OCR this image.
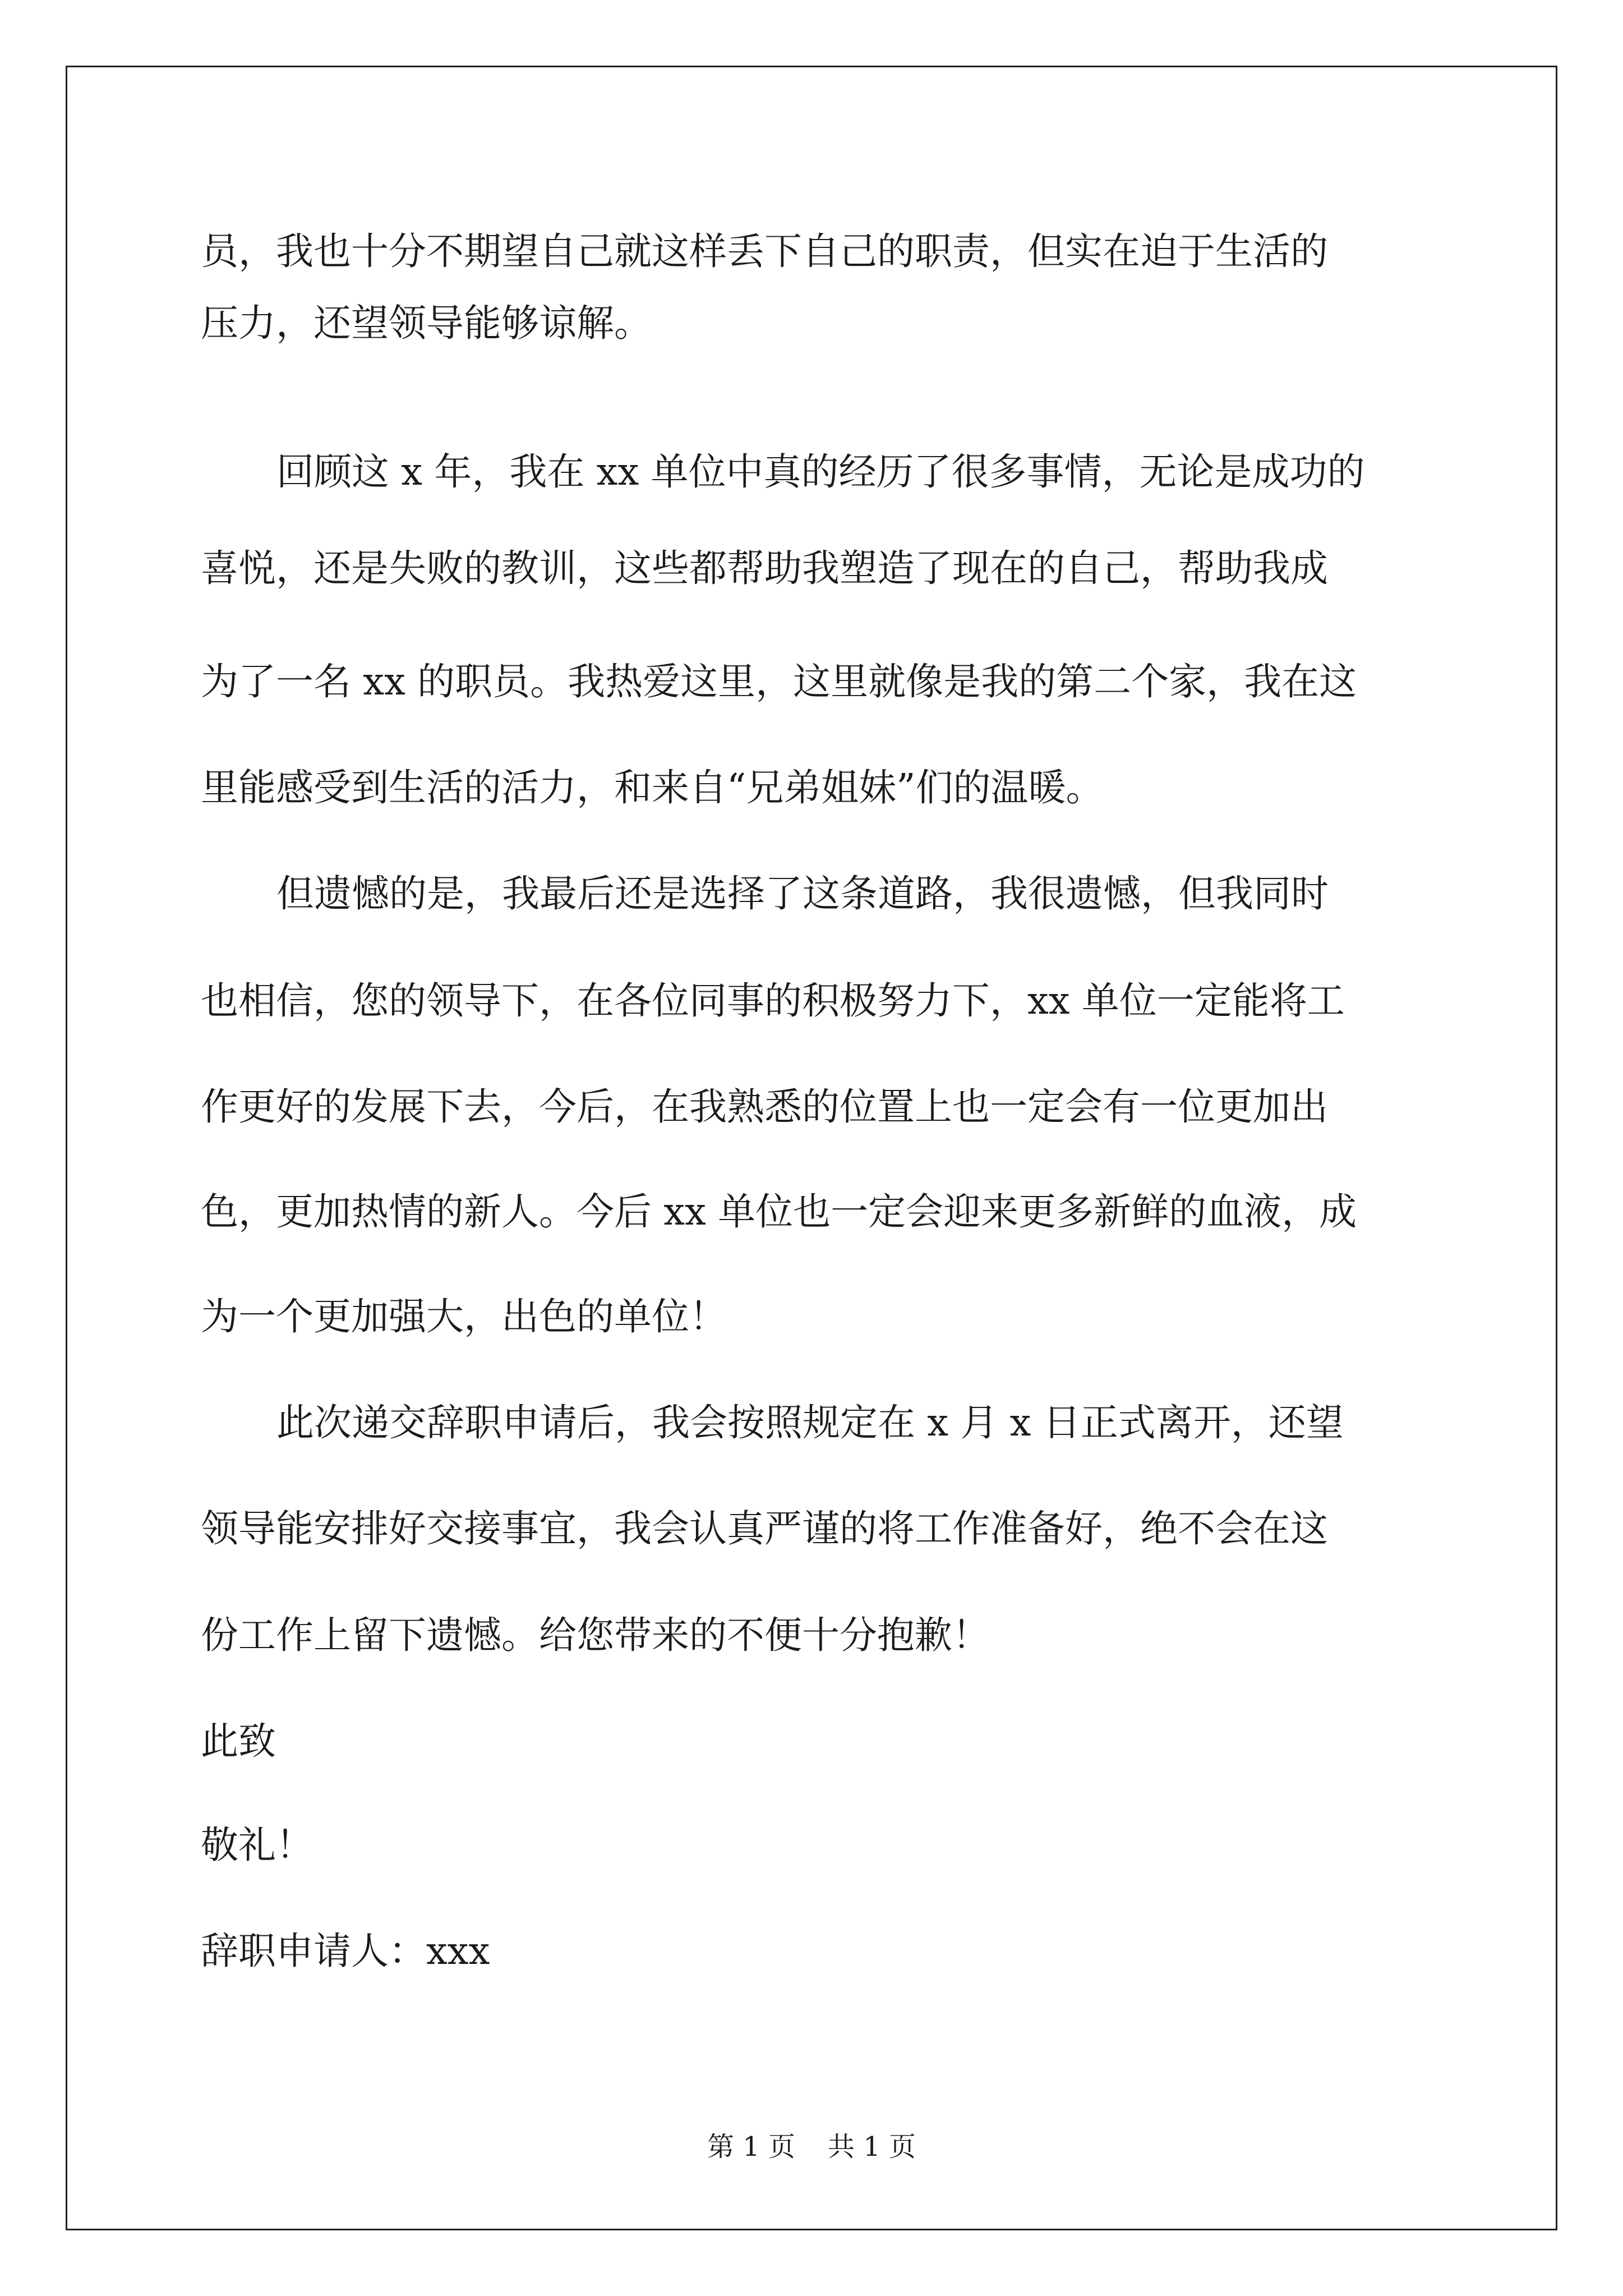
员，我也十分不期望自己就这样丢下自己的职责，但实在迫于生活的

压力，还望领导能够谅解。

回顾这 x 年，我在 xx 单位中真的经历了很多事情，无论是成功的

喜悦，还是失败的教训，这些都帮助我塑造了现在的自己，帮助我成

为了一名 xx 的职员。我热爱这里，这里就像是我的第二个家，我在这

里能感受到生活的活力，和来自“兄弟姐妹”们的温暖。

但遗憾的是，我最后还是选择了这条道路，我很遗憾，但我同时

也相信，您的领导下，在各位同事的积极努力下，xx 单位一定能将工

作更好的发展下去，今后，在我熟悉的位置上也一定会有一位更加出

色，更加热情的新人。今后 xx 单位也一定会迎来更多新鲜的血液，成

为一个更加强大，出色的单位！

此次递交辞职申请后，我会按照规定在 x 月 x 日正式离开，还望

领导能安排好交接事宜，我会认真严谨的将工作准备好，绝不会在这

份工作上留下遗憾。给您带来的不便十分抱歉！

此致

敬礼！

辞职申请人：xxx

第 1 页 共 1 页
